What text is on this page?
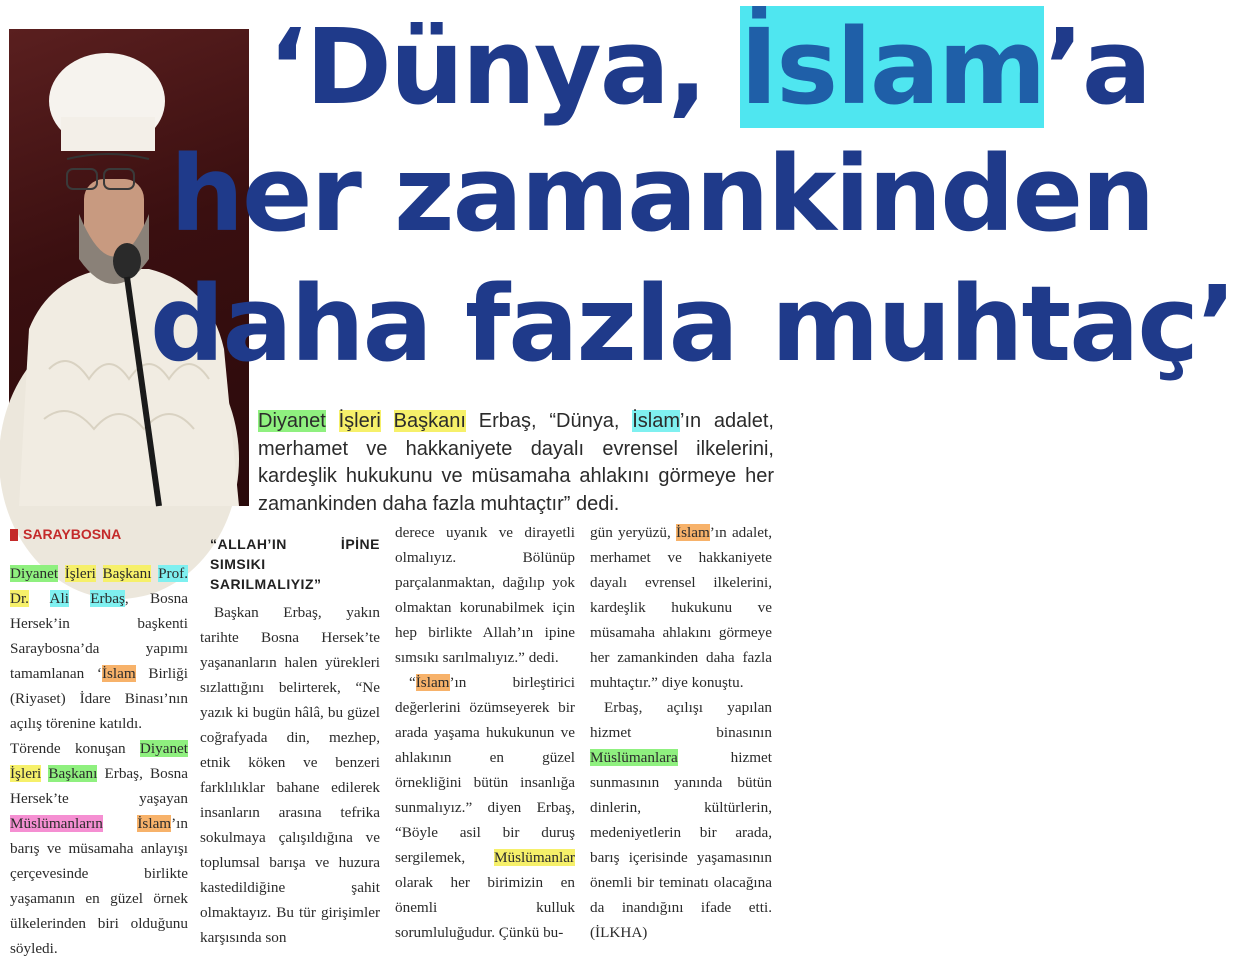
‘Dünya, İslam’a
her zamankinden
daha fazla muhtaç’
Diyanet İşleri Başkanı Erbaş, “Dünya, İslam’ın adalet, merhamet ve hakkaniyete dayalı evrensel ilkelerini, kardeşlik hukukunu ve müsamaha ahlakını görmeye her zamankinden daha fazla muhtaçtır” dedi.
SARAYBOSNA

Diyanet İşleri Başkanı Prof. Dr. Ali Erbaş, Bosna Hersek’in başkenti Saraybosna’da yapımı tamamlanan ‘İslam Birliği (Riyaset) İdare Binası’nın açılış törenine katıldı.

Törende konuşan Diyanet İşleri Başkanı Erbaş, Bosna Hersek’te yaşayan Müslümanların İslam’ın barış ve müsamaha anlayışı çerçevesinde birlikte yaşamanın en güzel örnek ülkelerinden biri olduğunu söyledi.

“ALLAH’IN İPİNE SIMSIKI SARILMALIYIZ”

Başkan Erbaş, yakın tarihte Bosna Hersek’te yaşananların halen yürekleri sızlattığını belirterek, “Ne yazık ki bugün hâlâ, bu güzel coğrafyada din, mezhep, etnik köken ve benzeri farklılıklar bahane edilerek insanların arasına tefrika sokulmaya çalışıldığına ve toplumsal barışa ve huzura kastedildiğine şahit olmaktayız. Bu tür girişimler karşısında son

derece uyanık ve dirayetli olmalıyız. Bölünüp parçalanmaktan, dağılıp yok olmaktan korunabilmek için hep birlikte Allah’ın ipine sımsıkı sarılmalıyız.” dedi.

“İslam’ın birleştirici değerlerini özümseyerek bir arada yaşama hukukunun ve ahlakının en güzel örnekliğini bütün insanlığa sunmalıyız.” diyen Erbaş, “Böyle asil bir duruş sergilemek, Müslümanlar olarak her birimizin en önemli kulluk sorumluluğudur. Çünkü bu-

gün yeryüzü, İslam’ın adalet, merhamet ve hakkaniyete dayalı evrensel ilkelerini, kardeşlik hukukunu ve müsamaha ahlakını görmeye her zamankinden daha fazla muhtaçtır.” diye konuştu.

Erbaş, açılışı yapılan hizmet binasının Müslümanlara hizmet sunmasının yanında bütün dinlerin, kültürlerin, medeniyetlerin bir arada, barış içerisinde yaşamasının önemli bir teminatı olacağına da inandığını ifade etti. (İLKHA)
